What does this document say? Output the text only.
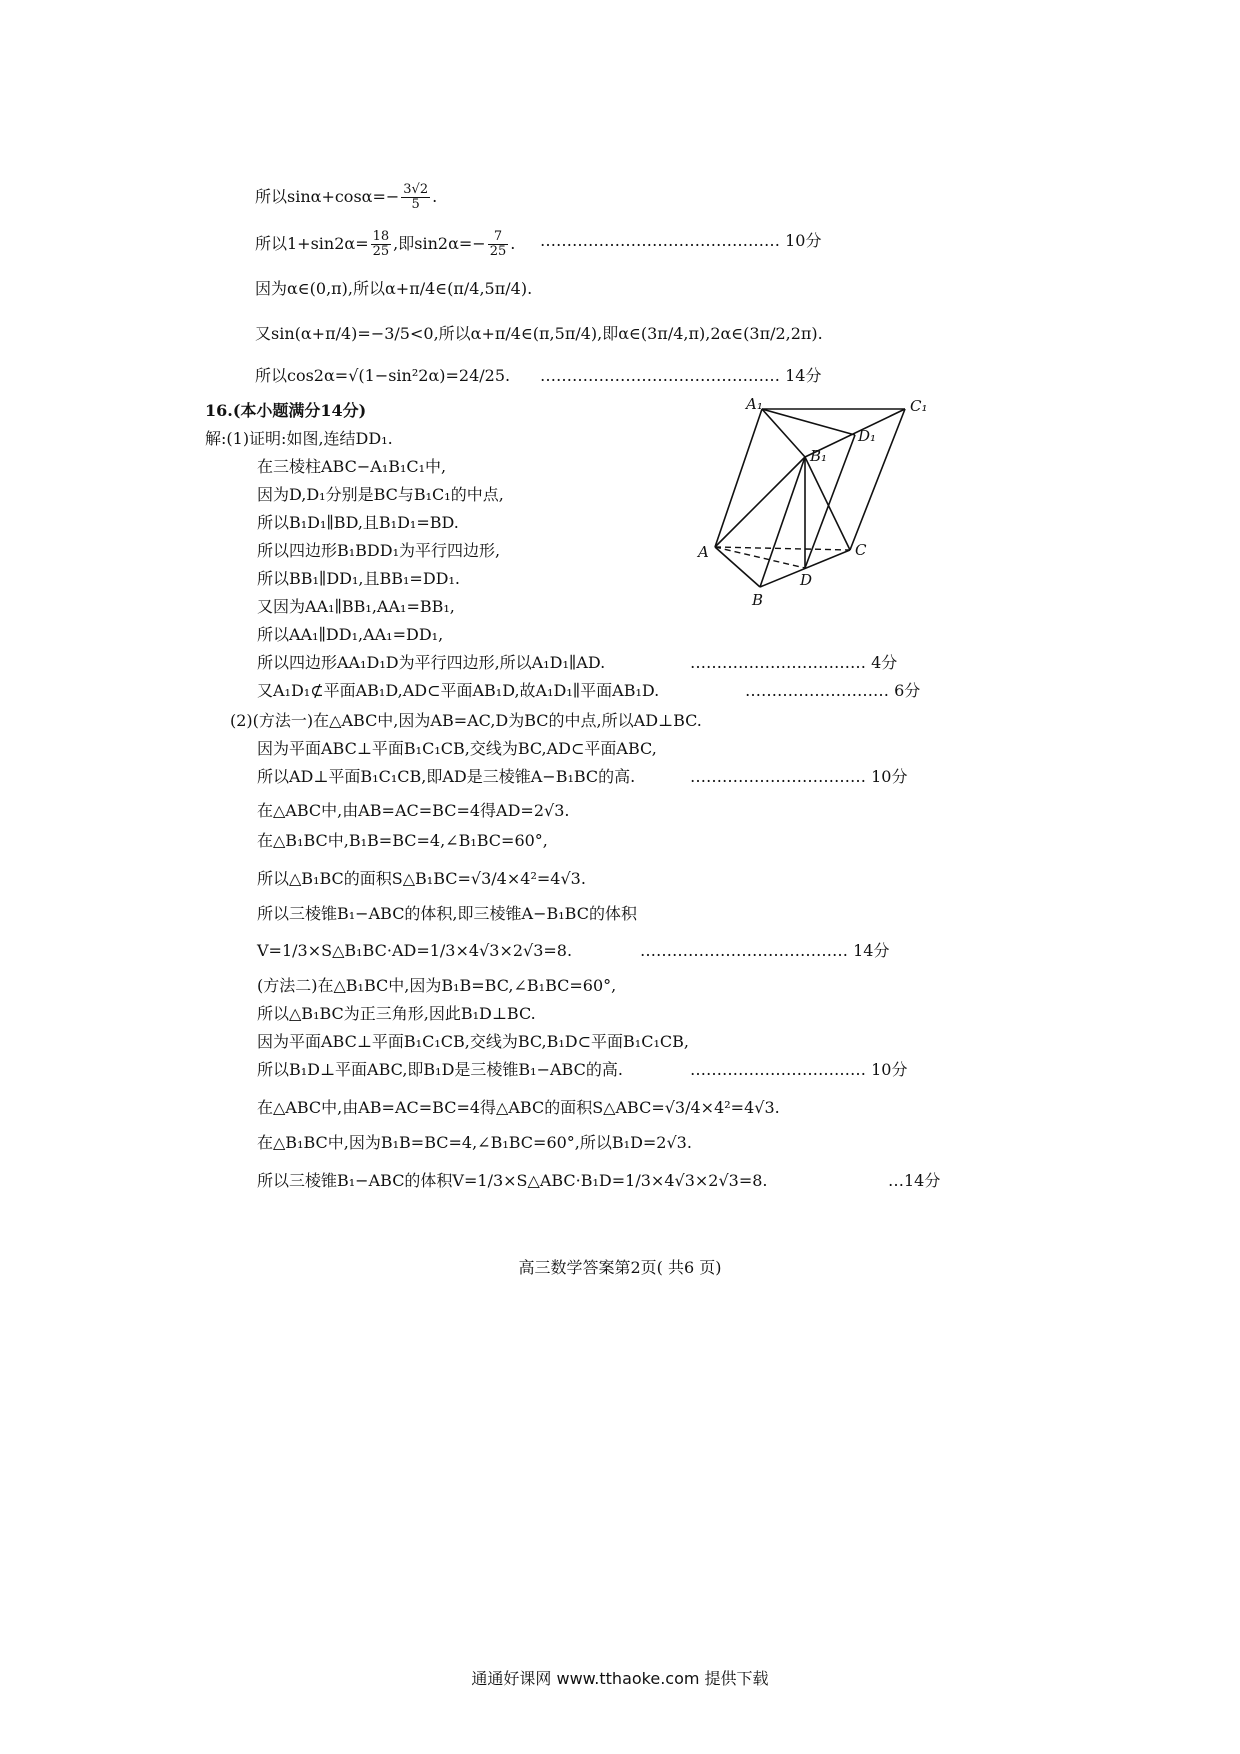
所以$\sin\alpha+\cos\alpha=- \frac{3√2}{5}$ .
所以$1+\sin 2\alpha= \frac{18}{25}$ ,即$\sin 2\alpha=- \frac{7}{25}$ . ……………………………………… 10分
因为α∈(0,π),所以α+π/4∈(π/4,5π/4).
又sin(α+π/4)=−3/5<0,所以α+π/4∈(π,5π/4),即α∈(3π/4,π),2α∈(3π/2,2π).
所以cos2α=√(1−sin²2α)=24/25. ……………………………………… 14分
16.(本小题满分14分)
解:(1)证明:如图,连结DD₁.
在三棱柱ABC−A₁B₁C₁中,
因为D,D₁分别是BC与B₁C₁的中点,
所以B₁D₁∥BD,且B₁D₁=BD.
所以四边形B₁BDD₁为平行四边形,
所以BB₁∥DD₁,且BB₁=DD₁.
又因为AA₁∥BB₁,AA₁=BB₁,
所以AA₁∥DD₁,AA₁=DD₁,
所以四边形AA₁D₁D为平行四边形,所以A₁D₁∥AD.	…………………………… 4分
又A₁D₁⊄平面AB₁D,AD⊂平面AB₁D,故A₁D₁∥平面AB₁D.	……………………… 6分
(2)(方法一)在△ABC中,因为AB=AC,D为BC的中点,所以AD⊥BC.
因为平面ABC⊥平面B₁C₁CB,交线为BC,AD⊂平面ABC,
所以AD⊥平面B₁C₁CB,即AD是三棱锥A−B₁BC的高.	…………………………… 10分
在△ABC中,由AB=AC=BC=4得AD=2√3.
在△B₁BC中,B₁B=BC=4,∠B₁BC=60°,
所以△B₁BC的面积S△B₁BC=√3/4×4²=4√3.
所以三棱锥B₁−ABC的体积,即三棱锥A−B₁BC的体积
V=1/3×S△B₁BC·AD=1/3×4√3×2√3=8.	………………………………… 14分
(方法二)在△B₁BC中,因为B₁B=BC,∠B₁BC=60°,
所以△B₁BC为正三角形,因此B₁D⊥BC.
因为平面ABC⊥平面B₁C₁CB,交线为BC,B₁D⊂平面B₁C₁CB,
所以B₁D⊥平面ABC,即B₁D是三棱锥B₁−ABC的高.	…………………………… 10分
在△ABC中,由AB=AC=BC=4得△ABC的面积S△ABC=√3/4×4²=4√3.
在△B₁BC中,因为B₁B=BC=4,∠B₁BC=60°,所以B₁D=2√3.
所以三棱锥B₁−ABC的体积V=1/3×S△ABC·B₁D=1/3×4√3×2√3=8.	…14分
A₁	C₁
B₁
D₁
A
B
C
D
高三数学答案第2页( 共6 页)
通通好课网 www.tthaoke.com 提供下载
